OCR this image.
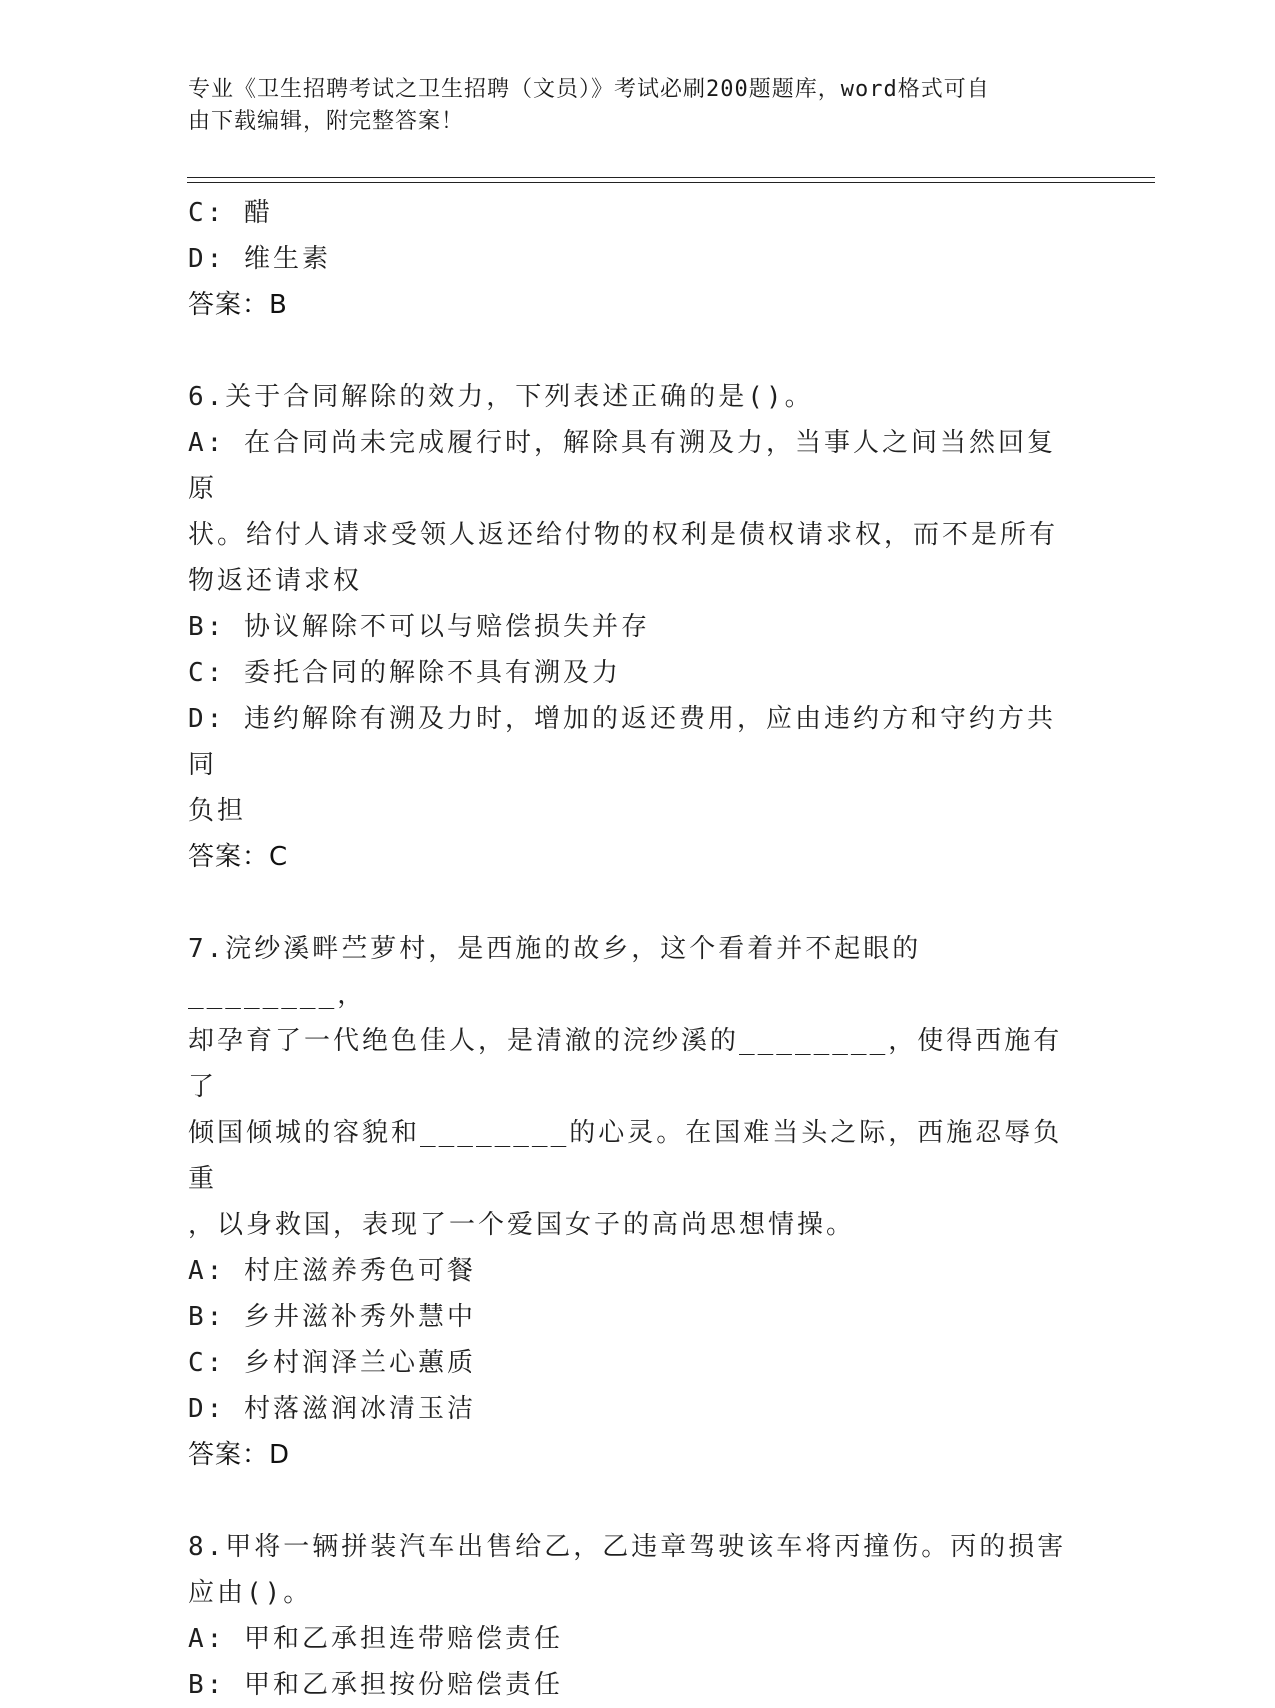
专业《卫生招聘考试之卫生招聘（文员）》考试必刷200题题库，word格式可自
由下载编辑，附完整答案！
C: 醋
D: 维生素
答案：B
6.关于合同解除的效力，下列表述正确的是()。
A: 在合同尚未完成履行时，解除具有溯及力，当事人之间当然回复原
状。给付人请求受领人返还给付物的权利是债权请求权，而不是所有
物返还请求权
B: 协议解除不可以与赔偿损失并存
C: 委托合同的解除不具有溯及力
D: 违约解除有溯及力时，增加的返还费用，应由违约方和守约方共同
负担
答案：C
7.浣纱溪畔苎萝村，是西施的故乡，这个看着并不起眼的________，
却孕育了一代绝色佳人，是清澈的浣纱溪的________，使得西施有了
倾国倾城的容貌和________的心灵。在国难当头之际，西施忍辱负重
，以身救国，表现了一个爱国女子的高尚思想情操。
A: 村庄滋养秀色可餐
B: 乡井滋补秀外慧中
C: 乡村润泽兰心蕙质
D: 村落滋润冰清玉洁
答案：D
8.甲将一辆拼装汽车出售给乙，乙违章驾驶该车将丙撞伤。丙的损害
应由()。
A: 甲和乙承担连带赔偿责任
B: 甲和乙承担按份赔偿责任
